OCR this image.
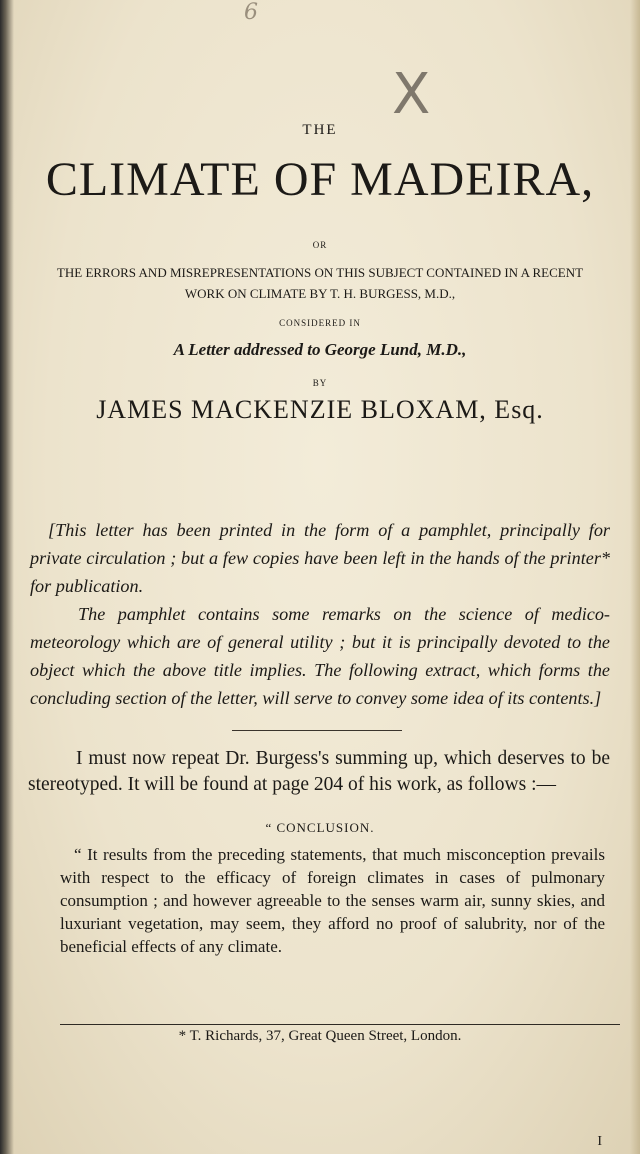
6
X
THE
CLIMATE OF MADEIRA,
OR
THE ERRORS AND MISREPRESENTATIONS ON THIS SUBJECT CONTAINED IN A RECENT WORK ON CLIMATE BY T. H. BURGESS, M.D.,
CONSIDERED IN
A Letter addressed to George Lund, M.D.,
BY
JAMES MACKENZIE BLOXAM, Esq.

[This letter has been printed in the form of a pamphlet, principally for private circulation ; but a few copies have been left in the hands of the printer* for publication.

The pamphlet contains some remarks on the science of medico-meteorology which are of general utility ; but it is principally devoted to the object which the above title implies. The following extract, which forms the concluding section of the letter, will serve to convey some idea of its contents.]

I must now repeat Dr. Burgess's summing up, which deserves to be stereotyped. It will be found at page 204 of his work, as follows :—

“ CONCLUSION.

“ It results from the preceding statements, that much misconception prevails with respect to the efficacy of foreign climates in cases of pulmonary consumption ; and however agreeable to the senses warm air, sunny skies, and luxuriant vegetation, may seem, they afford no proof of salubrity, nor of the beneficial effects of any climate.

* T. Richards, 37, Great Queen Street, London.
I
